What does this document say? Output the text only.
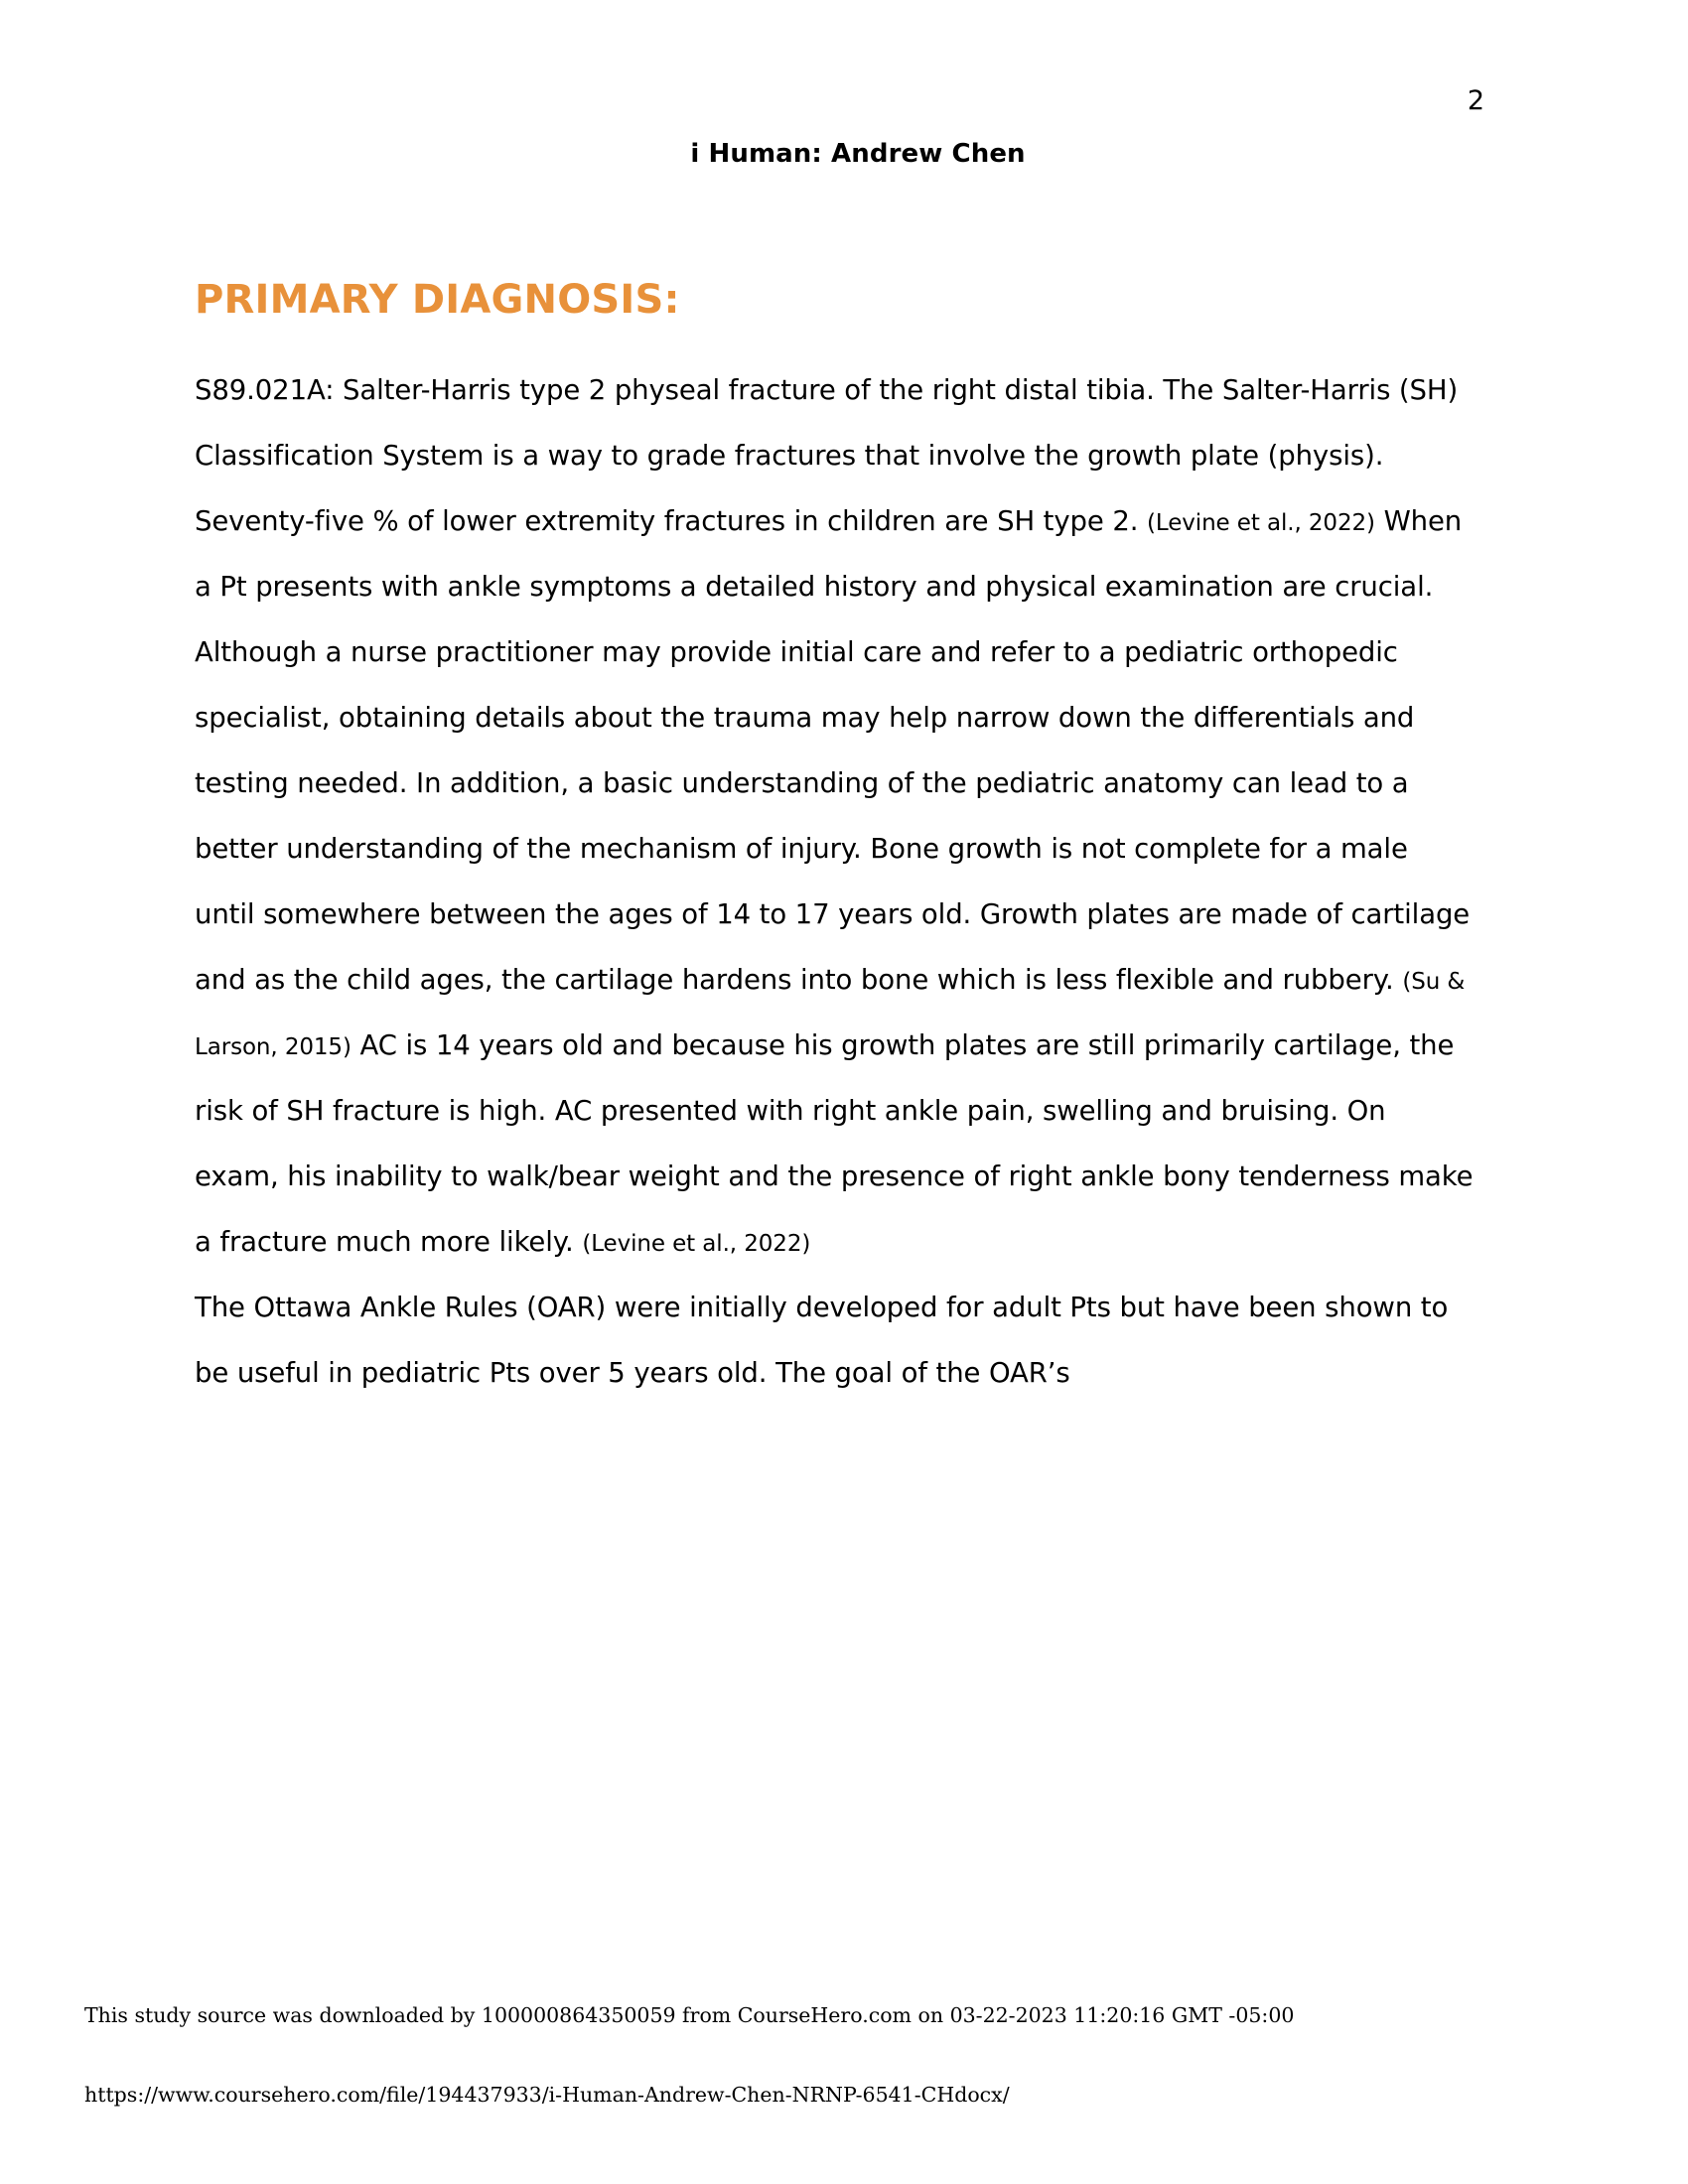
2
i Human: Andrew Chen
PRIMARY DIAGNOSIS:

S89.021A: Salter-Harris type 2 physeal fracture of the right distal tibia. The Salter-Harris (SH) Classification System is a way to grade fractures that involve the growth plate (physis). Seventy-five % of lower extremity fractures in children are SH type 2. (Levine et al., 2022) When a Pt presents with ankle symptoms a detailed history and physical examination are crucial. Although a nurse practitioner may provide initial care and refer to a pediatric orthopedic specialist, obtaining details about the trauma may help narrow down the differentials and testing needed. In addition, a basic understanding of the pediatric anatomy can lead to a better understanding of the mechanism of injury. Bone growth is not complete for a male until somewhere between the ages of 14 to 17 years old. Growth plates are made of cartilage and as the child ages, the cartilage hardens into bone which is less flexible and rubbery. (Su & Larson, 2015) AC is 14 years old and because his growth plates are still primarily cartilage, the risk of SH fracture is high. AC presented with right ankle pain, swelling and bruising. On exam, his inability to walk/bear weight and the presence of right ankle bony tenderness make a fracture much more likely. (Levine et al., 2022)

The Ottawa Ankle Rules (OAR) were initially developed for adult Pts but have been shown to be useful in pediatric Pts over 5 years old. The goal of the OAR’s

This study source was downloaded by 100000864350059 from CourseHero.com on 03-22-2023 11:20:16 GMT -05:00
https://www.coursehero.com/file/194437933/i-Human-Andrew-Chen-NRNP-6541-CHdocx/
